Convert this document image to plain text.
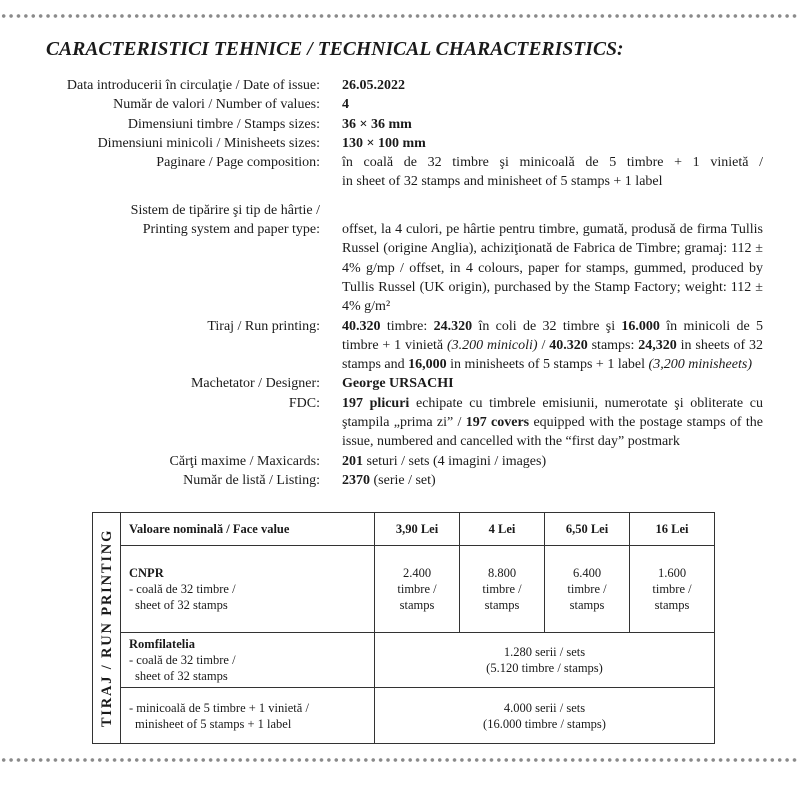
CARACTERISTICI TEHNICE / TECHNICAL CHARACTERISTICS:
Data introducerii în circulaţie / Date of issue: 26.05.2022
Număr de valori / Number of values: 4
Dimensiuni timbre / Stamps sizes: 36 × 36 mm
Dimensiuni minicoli / Minisheets sizes: 130 × 100 mm
Paginare / Page composition: în coală de 32 timbre şi minicoală de 5 timbre + 1 vinietă /
in sheet of 32 stamps and minisheet of 5 stamps + 1 label
Sistem de tipărire şi tip de hârtie /
Printing system and paper type: offset, la 4 culori, pe hârtie pentru timbre, gumată, produsă de firma Tullis Russel (origine Anglia), achiziţionată de Fabrica de Timbre; gramaj: 112 ± 4% g/mp / offset, in 4 colours, paper for stamps, gummed, produced by Tullis Russel (UK origin), purchased by the Stamp Factory; weight: 112 ± 4% g/m²
Tiraj / Run printing: 40.320 timbre: 24.320 în coli de 32 timbre şi 16.000 în minicoli de 5 timbre + 1 vinietă (3.200 minicoli) / 40.320 stamps: 24,320 in sheets of 32 stamps and 16,000 in minisheets of 5 stamps + 1 label (3,200 minisheets)
Machetator / Designer: George URSACHI
FDC: 197 plicuri echipate cu timbrele emisiunii, numerotate şi obliterate cu ştampila „prima zi” / 197 covers equipped with the postage stamps of the issue, numbered and cancelled with the “first day” postmark
Cărţi maxime / Maxicards: 201 seturi / sets (4 imagini / images)
Număr de listă / Listing: 2370 (serie / set)
TIRAJ / RUN PRINTING	Valoare nominală / Face value	3,90 Lei	4 Lei	6,50 Lei	16 Lei

	CNPR
- coală de 32 timbre /
sheet of 32 stamps	2.400
timbre /
stamps	8.800
timbre /
stamps	6.400
timbre /
stamps	1.600
timbre /
stamps

	Romfilatelia
- coală de 32 timbre /
sheet of 32 stamps	1.280 serii / sets
(5.120 timbre / stamps)			

	- minicoală de 5 timbre + 1 vinietă /
minisheet of 5 stamps + 1 label	4.000 serii / sets
(16.000 timbre / stamps)			
